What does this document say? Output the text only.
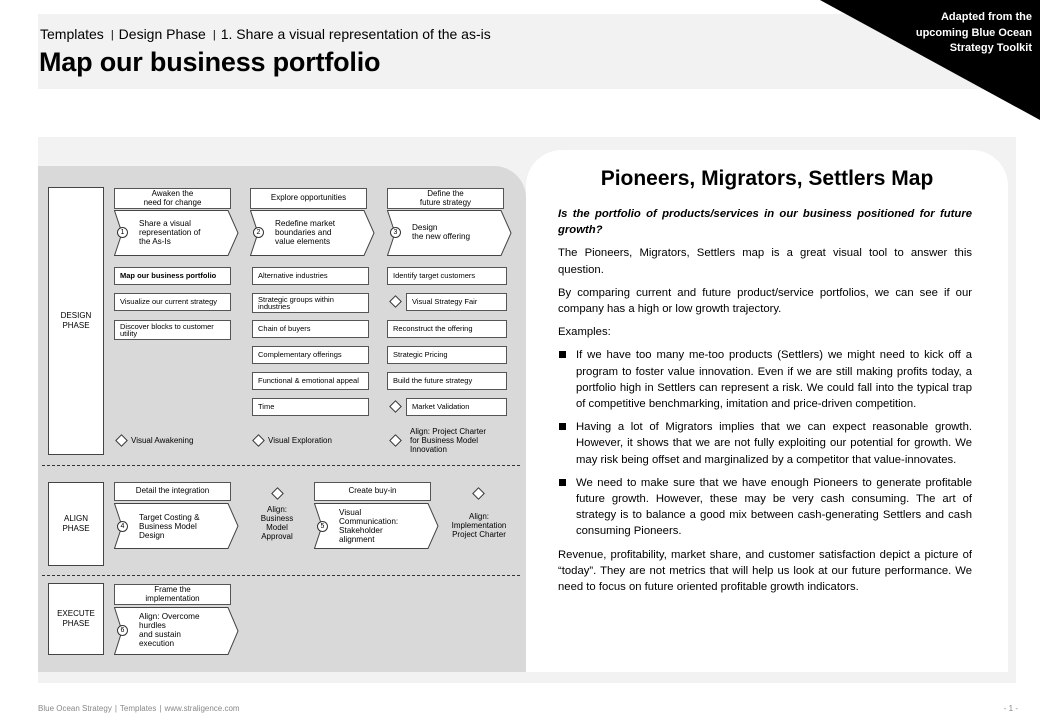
Templates | Design Phase | 1. Share a visual representation of the as-is
Map our business portfolio
Adapted from the upcoming Blue Ocean Strategy Toolkit
DESIGN PHASE
ALIGN PHASE
EXECUTE PHASE
Awaken the
need for change
1
Share a visual
representation of
the As-Is
Map our business portfolio
Visualize our current strategy
Discover blocks to customer utility
Visual Awakening
Explore opportunities
2
Redefine market
boundaries and
value elements
Alternative industries
Strategic groups within industries
Chain of buyers
Complementary offerings
Functional & emotional appeal
Time
Visual Exploration
Define the
future strategy
3
Design
the new offering
Identify target customers
Visual Strategy Fair
Reconstruct the offering
Strategic Pricing
Build the future strategy
Market Validation
Align: Project Charter
for Business Model
Innovation
Detail the integration
4
Target Costing &
Business Model
Design
Align:
Business
Model
Approval
Create buy-in
5
Visual
Communication:
Stakeholder
alignment
Align:
Implementation
Project Charter
Frame the
implementation
6
Align: Overcome
hurdles
and sustain
execution
Pioneers, Migrators, Settlers Map

Is the portfolio of products/services in our business positioned for future growth?

The Pioneers, Migrators, Settlers map is a great visual tool to answer this question.

By comparing current and future product/service portfolios, we can see if our company has a high or low growth trajectory.

Examples:

If we have too many me-too products (Settlers) we might need to kick off a program to foster value innovation. Even if we are still making profits today, a portfolio high in Settlers can represent a risk. We could fall into the typical trap of competitive benchmarking, imitation and price-driven competition.
Having a lot of Migrators implies that we can expect reasonable growth. However, it shows that we are not fully exploiting our potential for growth. We may risk being offset and marginalized by a competitor that value-innovates.
We need to make sure that we have enough Pioneers to generate profitable future growth. However, these may be very cash consuming. The art of strategy is to balance a good mix between cash-generating Settlers and cash consuming Pioneers.

Revenue, profitability, market share, and customer satisfaction depict a picture of “today”. They are not metrics that will help us look at our future performance. We need to focus on future oriented profitable growth indicators.

Blue Ocean Strategy | Templates | www.straligence.com	- 1 -
